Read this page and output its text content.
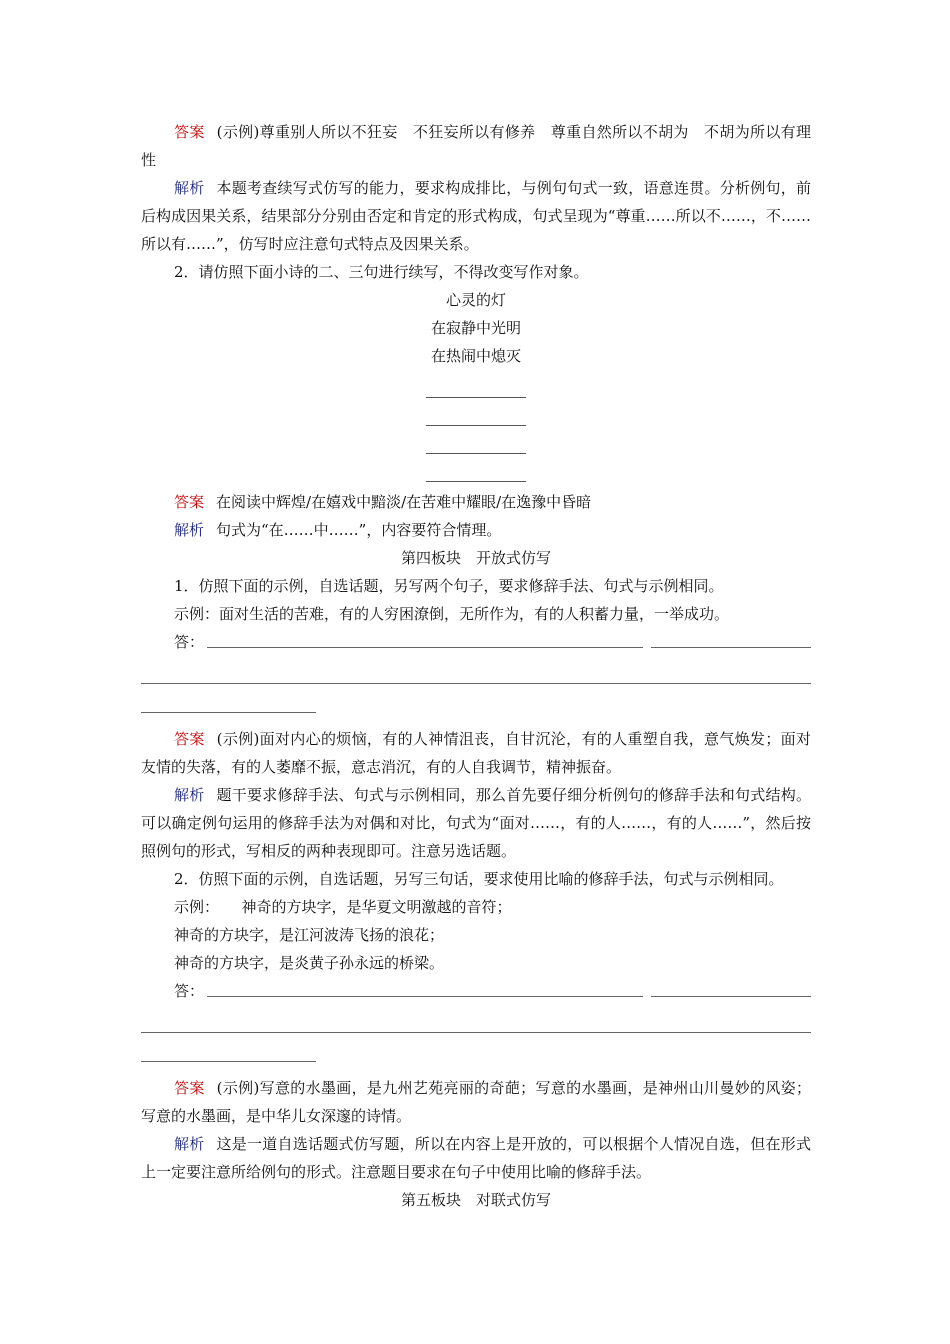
答案 (示例)尊重别人所以不狂妄　不狂妄所以有修养　尊重自然所以不胡为　不胡为所以有理性

解析 本题考查续写式仿写的能力，要求构成排比，与例句句式一致，语意连贯。分析例句，前后构成因果关系，结果部分分别由否定和肯定的形式构成，句式呈现为“尊重……所以不……，不……所以有……”，仿写时应注意句式特点及因果关系。

2．请仿照下面小诗的二、三句进行续写，不得改变写作对象。

心灵的灯

在寂静中光明

在热闹中熄灭

答案 在阅读中辉煌/在嬉戏中黯淡/在苦难中耀眼/在逸豫中昏暗

解析 句式为“在……中……”，内容要符合情理。

第四板块　开放式仿写

1．仿照下面的示例，自选话题，另写两个句子，要求修辞手法、句式与示例相同。

示例：面对生活的苦难，有的人穷困潦倒，无所作为，有的人积蓄力量，一举成功。

答：

答案 (示例)面对内心的烦恼，有的人神情沮丧，自甘沉沦，有的人重塑自我，意气焕发；面对友情的失落，有的人萎靡不振，意志消沉，有的人自我调节，精神振奋。

解析 题干要求修辞手法、句式与示例相同，那么首先要仔细分析例句的修辞手法和句式结构。可以确定例句运用的修辞手法为对偶和对比，句式为“面对……，有的人……，有的人……”，然后按照例句的形式，写相反的两种表现即可。注意另选话题。

2．仿照下面的示例，自选话题，另写三句话，要求使用比喻的修辞手法，句式与示例相同。

示例：　　神奇的方块字，是华夏文明激越的音符；

神奇的方块字，是江河波涛飞扬的浪花；

神奇的方块字，是炎黄子孙永远的桥梁。

答：

答案 (示例)写意的水墨画，是九州艺苑亮丽的奇葩；写意的水墨画，是神州山川曼妙的风姿；写意的水墨画，是中华儿女深邃的诗情。

解析 这是一道自选话题式仿写题，所以在内容上是开放的，可以根据个人情况自选，但在形式上一定要注意所给例句的形式。注意题目要求在句子中使用比喻的修辞手法。

第五板块　对联式仿写
